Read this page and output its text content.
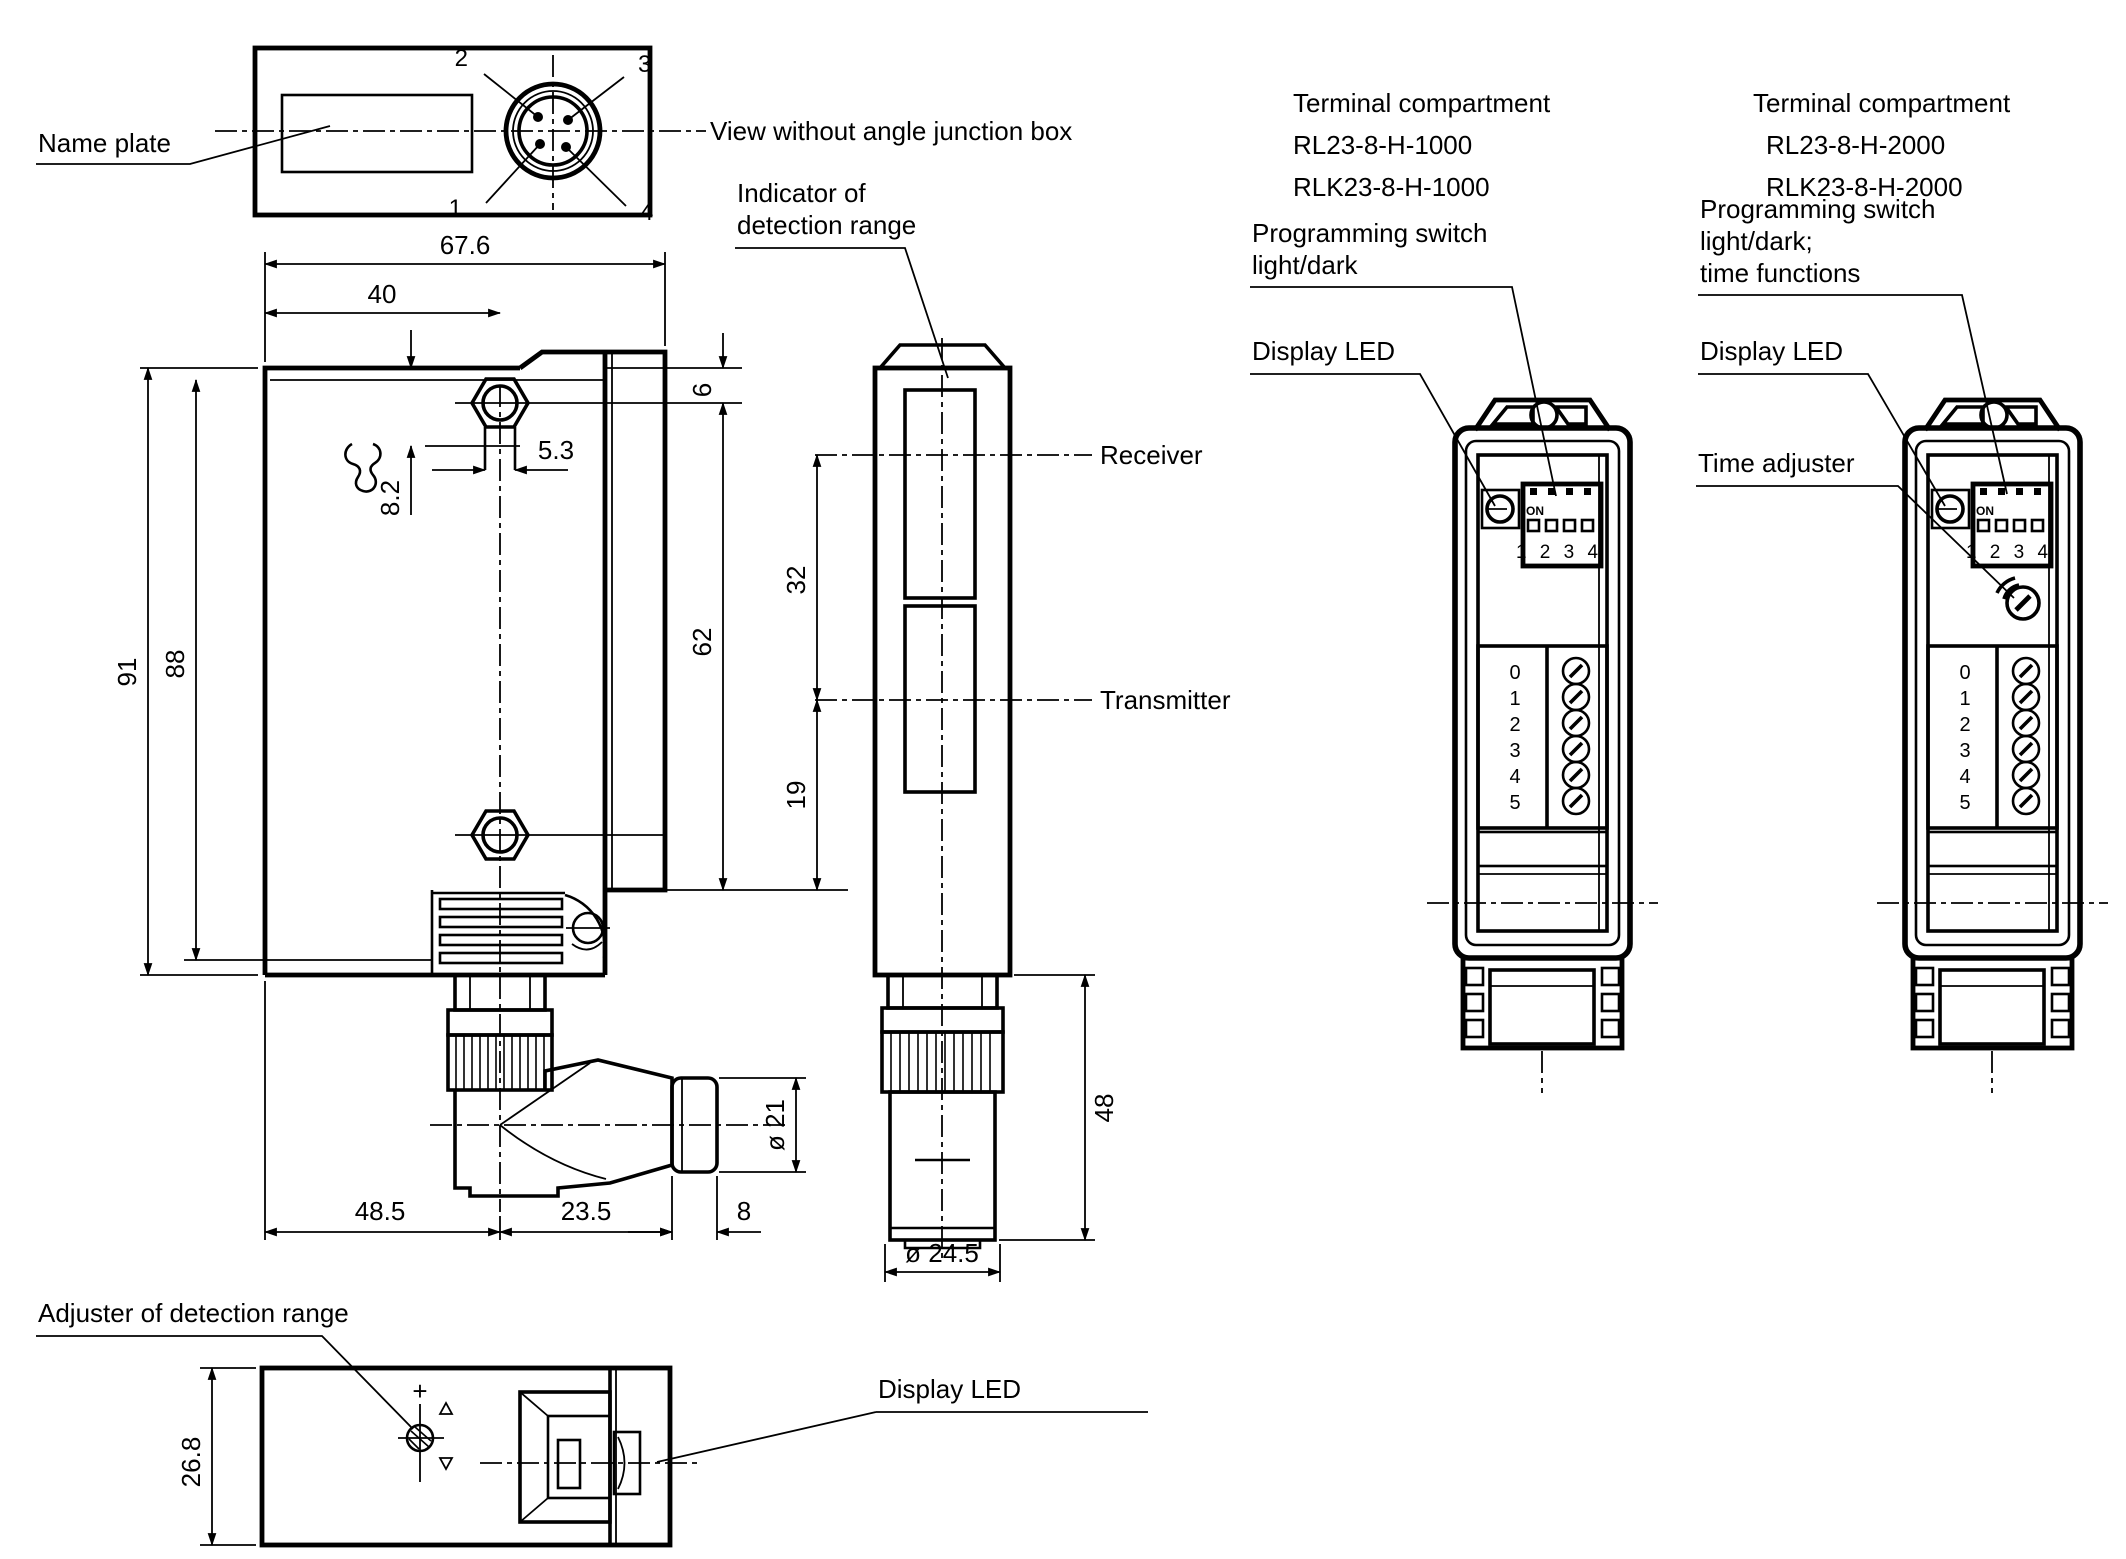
2	3
1	4
Name plate	View without angle junction box
67.6
40
91 88
8.2
5.3
48.5	23.5	8
ø 21
6
62
32
19
48
ø 24.5
Indicator of
detection range
Receiver
Transmitter
Terminal compartment
RL23-8-H-1000
RLK23-8-H-1000
Terminal compartment
RL23-8-H-2000
RLK23-8-H-2000
Programming switch
light/dark
Display LED
Programming switch
light/dark;
time functions
Display LED
Time adjuster
ON
1 2 3 4
0
1
2
3
4
5
ON
1 2 3 4
0
1
2
3
4
5
+
26.8
Adjuster of detection range
Display LED
